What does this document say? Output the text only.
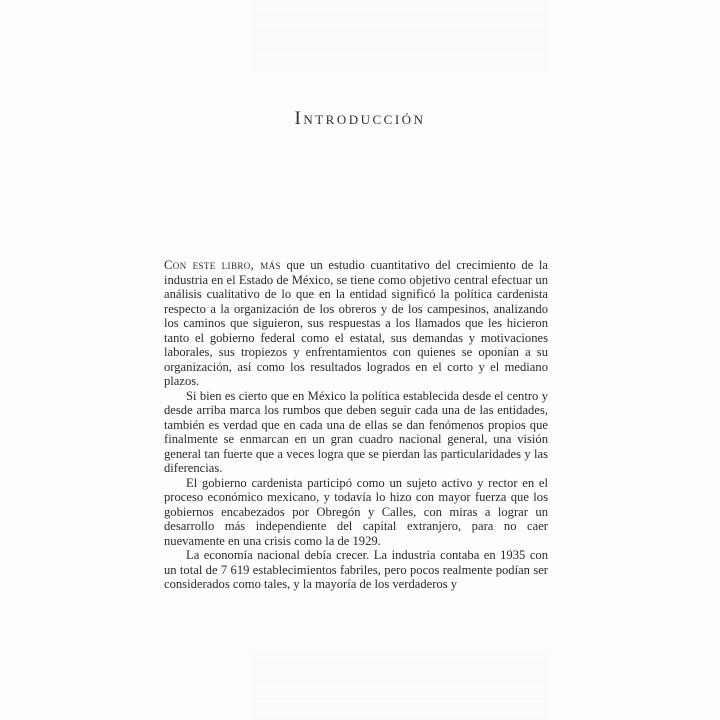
Introducción

Con este libro, más que un estudio cuantitativo del crecimiento de la industria en el Estado de México, se tiene como objetivo central efectuar un análisis cualitativo de lo que en la entidad significó la política cardenista respecto a la organización de los obreros y de los campesinos, analizando los caminos que siguieron, sus respuestas a los llamados que les hicieron tanto el gobierno federal como el estatal, sus demandas y motivaciones laborales, sus tropiezos y enfrentamientos con quienes se oponían a su organización, así como los resultados logrados en el corto y el mediano plazos.

Si bien es cierto que en México la política establecida desde el centro y desde arriba marca los rumbos que deben seguir cada una de las entidades, también es verdad que en cada una de ellas se dan fenómenos propios que finalmente se enmarcan en un gran cuadro nacional general, una visión general tan fuerte que a veces logra que se pierdan las particularidades y las diferencias.

El gobierno cardenista participó como un sujeto activo y rector en el proceso económico mexicano, y todavía lo hizo con mayor fuerza que los gobiernos encabezados por Obregón y Calles, con miras a lograr un desarrollo más independiente del capital extranjero, para no caer nuevamente en una crisis como la de 1929.

La economía nacional debía crecer. La industria contaba en 1935 con un total de 7 619 establecimientos fabriles, pero pocos realmente podían ser considerados como tales, y la mayoría de los verdaderos y
